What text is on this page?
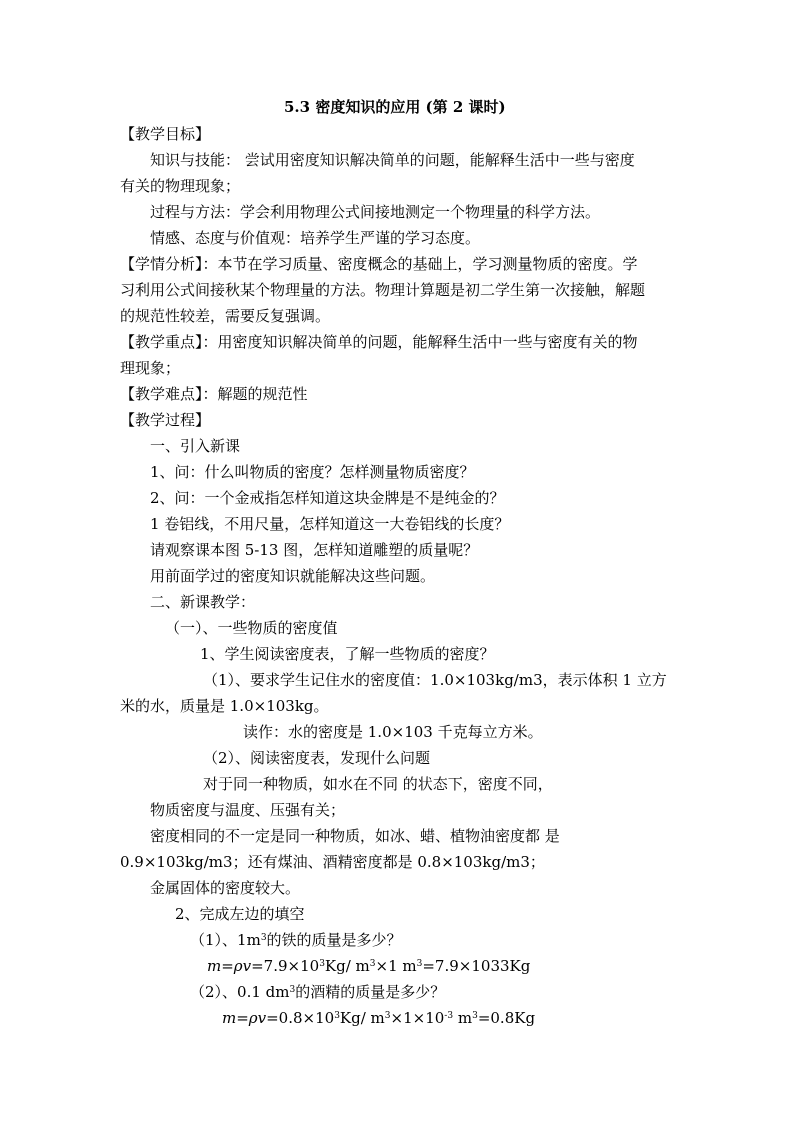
5.3 密度知识的应用 (第 2 课时)
【教学目标】
知识与技能： 尝试用密度知识解决简单的问题，能解释生活中一些与密度
有关的物理现象；
过程与方法：学会利用物理公式间接地测定一个物理量的科学方法。
情感、态度与价值观：培养学生严谨的学习态度。
【学情分析】：本节在学习质量、密度概念的基础上，学习测量物质的密度。学
习利用公式间接秋某个物理量的方法。物理计算题是初二学生第一次接触，解题
的规范性较差，需要反复强调。
【教学重点】：用密度知识解决简单的问题，能解释生活中一些与密度有关的物
理现象；
【教学难点】：解题的规范性
【教学过程】
一、引入新课
1、问：什么叫物质的密度？怎样测量物质密度？
2、问：一个金戒指怎样知道这块金牌是不是纯金的？
1 卷铝线，不用尺量，怎样知道这一大卷铝线的长度？
请观察课本图 5-13 图，怎样知道雕塑的质量呢？
用前面学过的密度知识就能解决这些问题。
二、新课教学：
（一）、一些物质的密度值
1、学生阅读密度表，了解一些物质的密度？
（1）、要求学生记住水的密度值：1.0×103kg/m3，表示体积 1 立方
米的水，质量是 1.0×103kg。
读作：水的密度是 1.0×103 千克每立方米。
（2）、阅读密度表，发现什么问题
对于同一种物质，如水在不同 的状态下，密度不同，
物质密度与温度、压强有关；
密度相同的不一定是同一种物质，如冰、蜡、植物油密度都 是
0.9×103kg/m3；还有煤油、酒精密度都是 0.8×103kg/m3；
金属固体的密度较大。
2、完成左边的填空
（1）、$1m^3$的铁的质量是多少？
$m=\rho v=7.9\times 10^3Kg/$ $m^3\times 1$ $m^3=7.9\times 1033Kg$
（2）、0.1 $dm^3$的酒精的质量是多少？
$m=\rho v=0.8\times 10^3Kg/$ $m^3\times 1\times 10^{-3}$ $m^3=0.8Kg$
